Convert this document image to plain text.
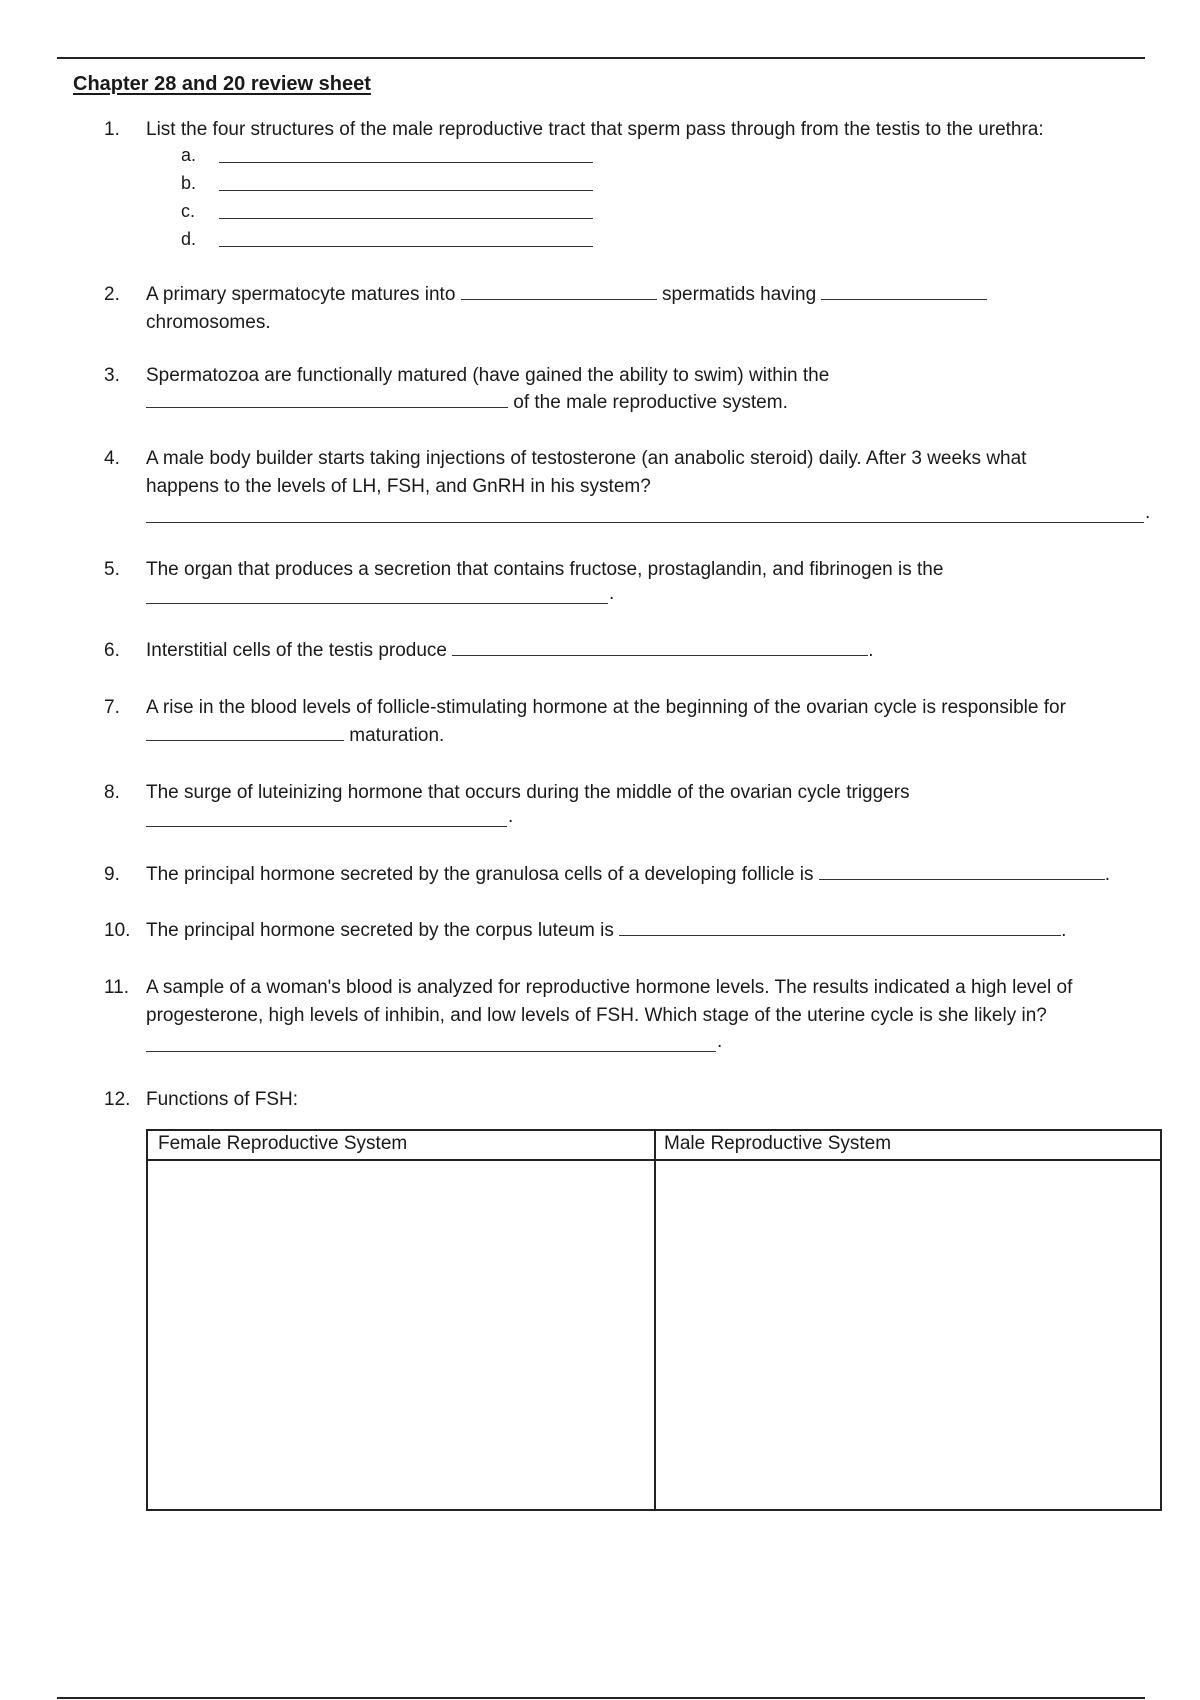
Chapter 28 and 20 review sheet
1. List the four structures of the male reproductive tract that sperm pass through from the testis to the urethra:
a.
b.
c.
d.
2. A primary spermatocyte matures into	spermatids having
chromosomes.
3. Spermatozoa are functionally matured (have gained the ability to swim) within the
of the male reproductive system.
4. A male body builder starts taking injections of testosterone (an anabolic steroid) daily. After 3 weeks what
happens to the levels of LH, FSH, and GnRH in his system?
.
5. The organ that produces a secretion that contains fructose, prostaglandin, and fibrinogen is the
.
6. Interstitial cells of the testis produce	.
7. A rise in the blood levels of follicle-stimulating hormone at the beginning of the ovarian cycle is responsible for
maturation.
8. The surge of luteinizing hormone that occurs during the middle of the ovarian cycle triggers
.
9. The principal hormone secreted by the granulosa cells of a developing follicle is	.
10. The principal hormone secreted by the corpus luteum is	.
11. A sample of a woman's blood is analyzed for reproductive hormone levels. The results indicated a high level of
progesterone, high levels of inhibin, and low levels of FSH. Which stage of the uterine cycle is she likely in?
.
12. Functions of FSH:
Female Reproductive System	Male Reproductive System
